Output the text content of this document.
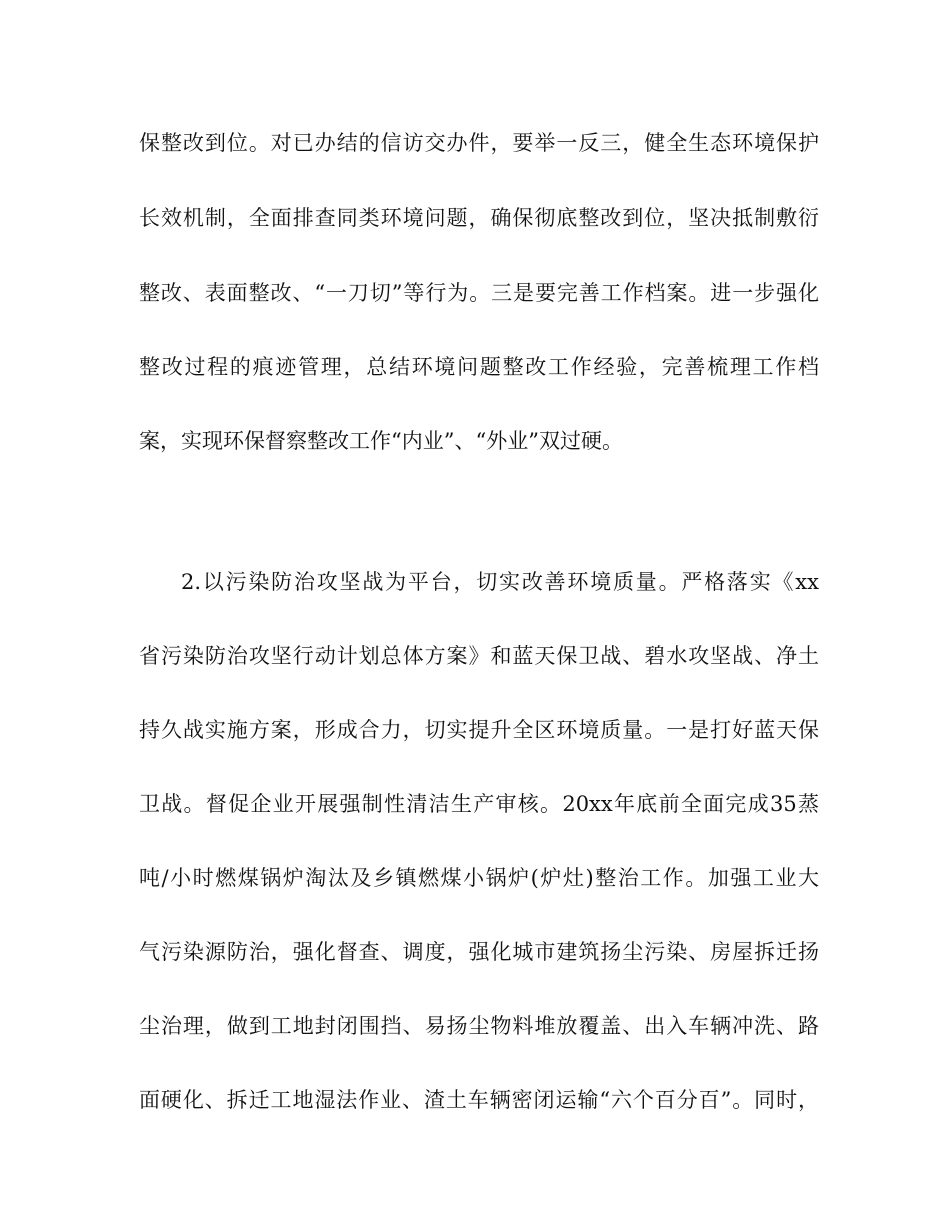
保整改到位。对已办结的信访交办件，要举一反三，健全生态环境保护
长效机制，全面排查同类环境问题，确保彻底整改到位，坚决抵制敷衍
整改、表面整改、“一刀切”等行为。三是要完善工作档案。进一步强化
整改过程的痕迹管理，总结环境问题整改工作经验，完善梳理工作档
案，实现环保督察整改工作“内业”、“外业”双过硬。
2.以污染防治攻坚战为平台，切实改善环境质量。严格落实《xx
省污染防治攻坚行动计划总体方案》和蓝天保卫战、碧水攻坚战、净土
持久战实施方案，形成合力，切实提升全区环境质量。一是打好蓝天保
卫战。督促企业开展强制性清洁生产审核。20xx年底前全面完成35蒸
吨/小时燃煤锅炉淘汰及乡镇燃煤小锅炉(炉灶)整治工作。加强工业大
气污染源防治，强化督查、调度，强化城市建筑扬尘污染、房屋拆迁扬
尘治理，做到工地封闭围挡、易扬尘物料堆放覆盖、出入车辆冲洗、路
面硬化、拆迁工地湿法作业、渣土车辆密闭运输“六个百分百”。同时，
